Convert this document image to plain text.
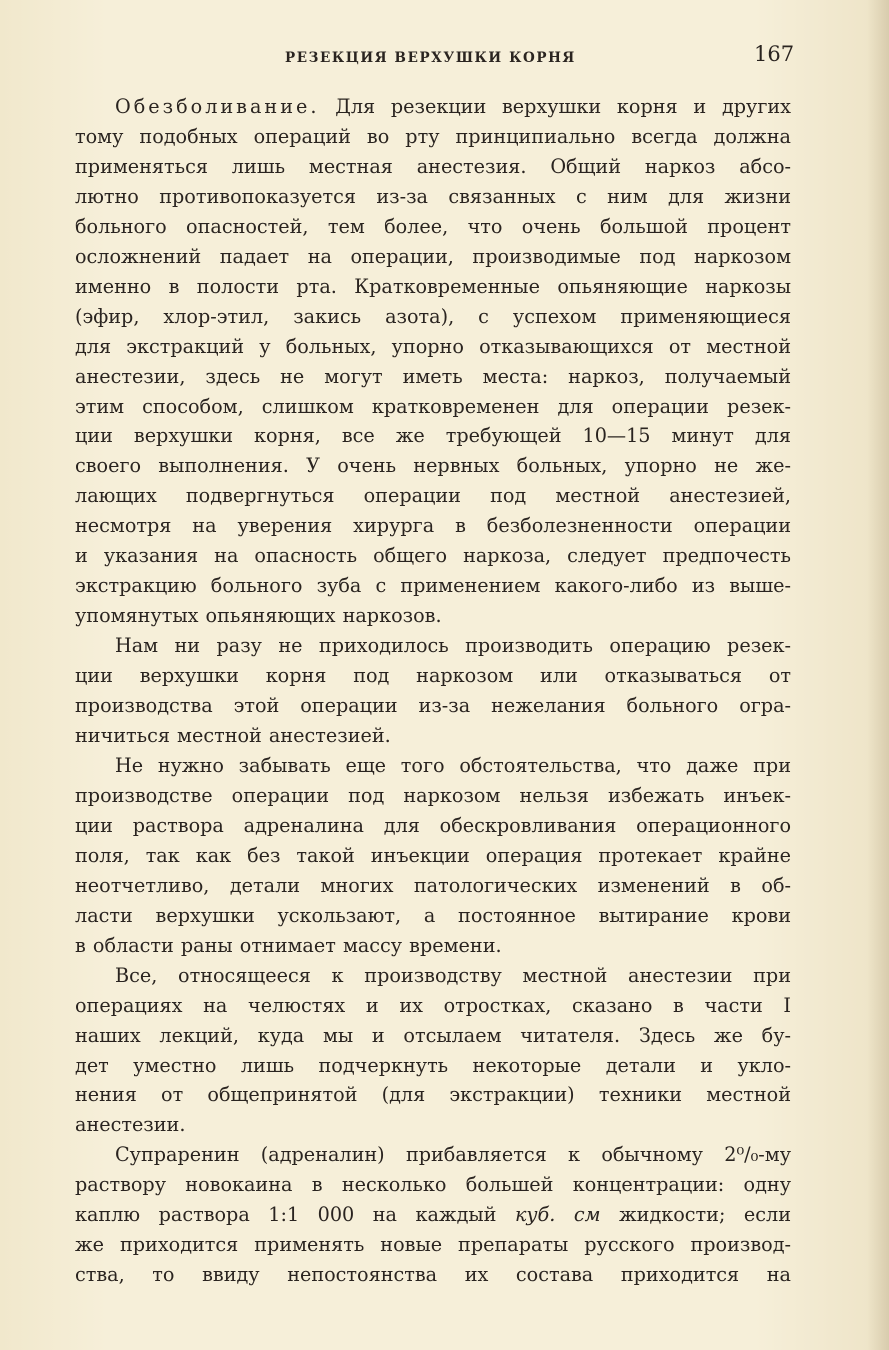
РЕЗЕКЦИЯ ВЕРХУШКИ КОРНЯ	167
Обезболивание. Для резекции верхушки корня и других
тому подобных операций во рту принципиально всегда должна
применяться лишь местная анестезия. Общий наркоз абсо-
лютно противопоказуется из-за связанных с ним для жизни
больного опасностей, тем более, что очень большой процент
осложнений падает на операции, производимые под наркозом
именно в полости рта. Кратковременные опьяняющие наркозы
(эфир, хлор-этил, закись азота), с успехом применяющиеся
для экстракций у больных, упорно отказывающихся от местной
анестезии, здесь не могут иметь места: наркоз, получаемый
этим способом, слишком кратковременен для операции резек-
ции верхушки корня, все же требующей 10—15 минут для
своего выполнения. У очень нервных больных, упорно не же-
лающих подвергнуться операции под местной анестезией,
несмотря на уверения хирурга в безболезненности операции
и указания на опасность общего наркоза, следует предпочесть
экстракцию больного зуба с применением какого-либо из выше-
упомянутых опьяняющих наркозов.
Нам ни разу не приходилось производить операцию резек-
ции верхушки корня под наркозом или отказываться от
производства этой операции из-за нежелания больного огра-
ничиться местной анестезией.
Не нужно забывать еще того обстоятельства, что даже при
производстве операции под наркозом нельзя избежать инъек-
ции раствора адреналина для обескровливания операционного
поля, так как без такой инъекции операция протекает крайне
неотчетливо, детали многих патологических изменений в об-
ласти верхушки ускользают, а постоянное вытирание крови
в области раны отнимает массу времени.
Все, относящееся к производству местной анестезии при
операциях на челюстях и их отростках, сказано в части I
наших лекций, куда мы и отсылаем читателя. Здесь же бу-
дет уместно лишь подчеркнуть некоторые детали и укло-
нения от общепринятой (для экстракции) техники местной
анестезии.
Супраренин (адреналин) прибавляется к обычному 2⁰/₀-му
раствору новокаина в несколько большей концентрации: одну
каплю раствора 1:1 000 на каждый куб. см жидкости; если
же приходится применять новые препараты русского производ-
ства, то ввиду непостоянства их состава приходится на
